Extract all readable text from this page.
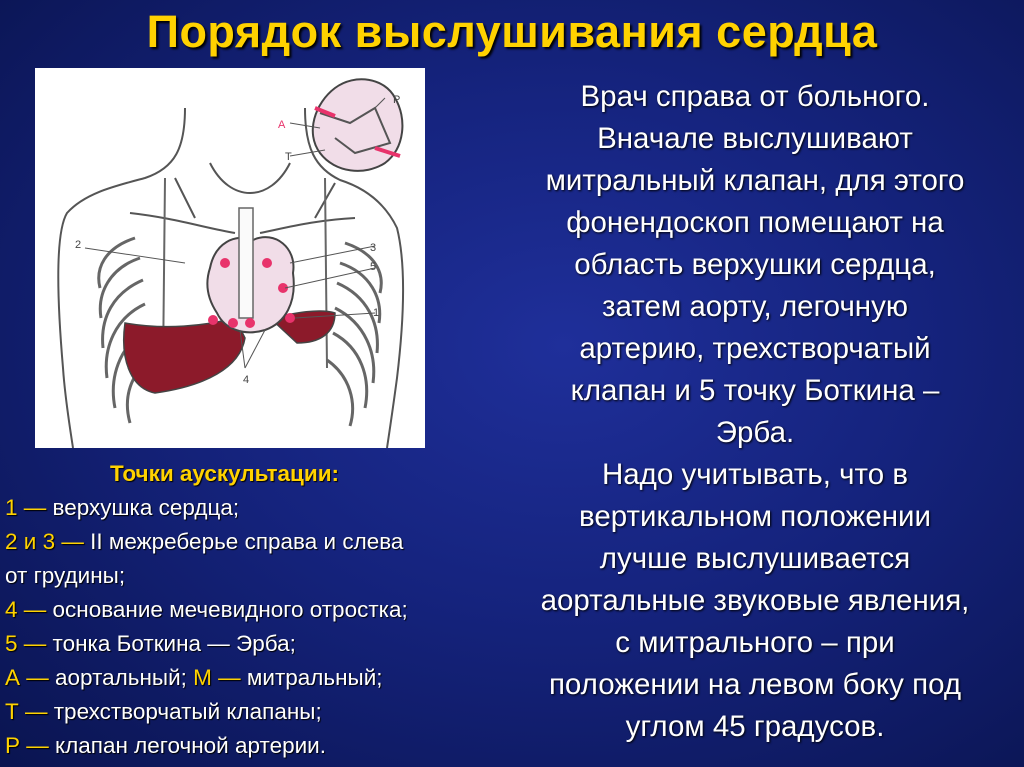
Порядок выслушивания сердца
А
Р
Т
2	3
5
1
4

Врач справа от больного.

Вначале выслушивают

митральный клапан, для этого

фонендоскоп помещают на

область верхушки сердца,

затем аорту, легочную

артерию, трехстворчатый

клапан и 5 точку Боткина –

Эрба.

Надо учитывать, что в

вертикальном положении

лучше выслушивается

аортальные звуковые явления,

с митрального – при

положении на левом боку под

углом 45 градусов.

Точки аускультации:
1 — верхушка сердца;
2 и 3 — II межреберье справа и слева
от грудины;
4 — основание мечевидного отростка;
5 — тонка Боткина — Эрба;
А — аортальный; М — митральный;
Т — трехстворчатый клапаны;
Р — клапан легочной артерии.
